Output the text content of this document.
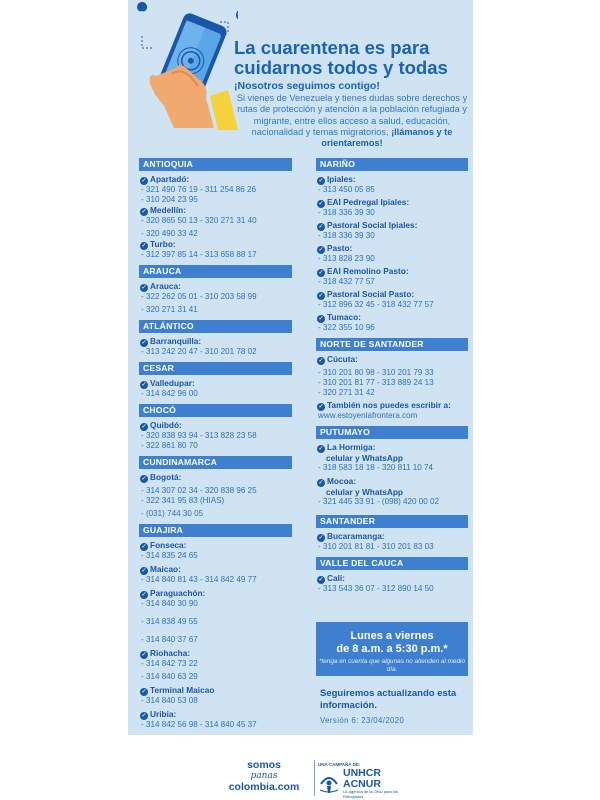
La cuarentena es para cuidarnos todos y todas
¡Nosotros seguimos contigo!
Si vienes de Venezuela y tienes dudas sobre derechos y rutas de protección y atención a la población refugiada y migrante, entre ellos acceso a salud, educación, nacionalidad y temas migratorios, ¡llámanos y te orientaremos!
ANTIOQUIA
✓ Apartadó:
- 321 490 76 19 - 311 254 86 26
- 310 204 23 95
✓ Medellín:
- 320 865 50 13 - 320 271 31 40
- 320 490 33 42
✓ Turbo:
- 312 397 85 14 - 313 658 88 17
ARAUCA
✓ Arauca:
- 322 262 05 01 - 310 203 58 99
- 320 271 31 41
ATLÁNTICO
✓ Barranquilla:
- 313 242 20 47 - 310 201 78 02
CESAR
✓ Valledupar:
- 314 842 96 00
CHOCÓ
✓ Quibdó:
- 320 838 93 94 - 313 828 23 58
- 322 861 80 70
CUNDINAMARCA
✓ Bogotá:
- 314 307 02 34 - 320 838 96 25
- 322 341 95 83 (HIAS)
- (031) 744 30 05
GUAJIRA
✓ Fonseca:
- 314 835 24 65
✓ Maicao:
- 314 840 81 43 - 314 842 49 77
✓ Paraguachón:
- 314 840 30 90
- 314 838 49 55
- 314 840 37 67
✓ Riohacha:
- 314 842 73 22
- 314 840 63 29
✓ Terminal Maicao
- 314 840 53 08
✓ Uribia:
- 314 842 56 98 - 314 840 45 37
NARIÑO
✓ Ipiales:
- 313 450 05 85
✓ EAI Pedregal Ipiales:
- 318 336 39 30
✓ Pastoral Social Ipiales:
- 318 336 39 30
✓ Pasto:
- 313 828 23 90
✓ EAI Remolino Pasto:
- 318 432 77 57
✓ Pastoral Social Pasto:
- 312 896 32 45 - 318 432 77 57
✓ Tumaco:
- 322 355 10 96
NORTE DE SANTANDER
✓ Cúcuta:
- 310 201 80 98 - 310 201 79 33
- 310 201 81 77 - 313 889 24 13
- 320 271 31 42
✓ También nos puedes escribir a:
www.estoyenlafrontera.com
PUTUMAYO
✓ La Hormiga:
celular y WhatsApp
- 318 583 18 18 - 320 811 10 74
✓ Mocoa:
celular y WhatsApp
- 321 445 33 91 - (098) 420 00 02
SANTANDER
✓ Bucaramanga:
- 310 201 81 81 - 310 201 83 03
VALLE DEL CAUCA
✓ Cali:
- 313 543 36 07 - 312 890 14 50
Lunes a viernes
de 8 a.m. a 5:30 p.m.*
*tenga en cuenta que algunas no atienden al medio día.
Seguiremos actualizando esta información.
Versión 6: 23/04/2020
somos
panas
colombia.com
UNA CAMPAÑA DE:
UNHCR
ACNUR
La Agencia de la ONU para los Refugiados
